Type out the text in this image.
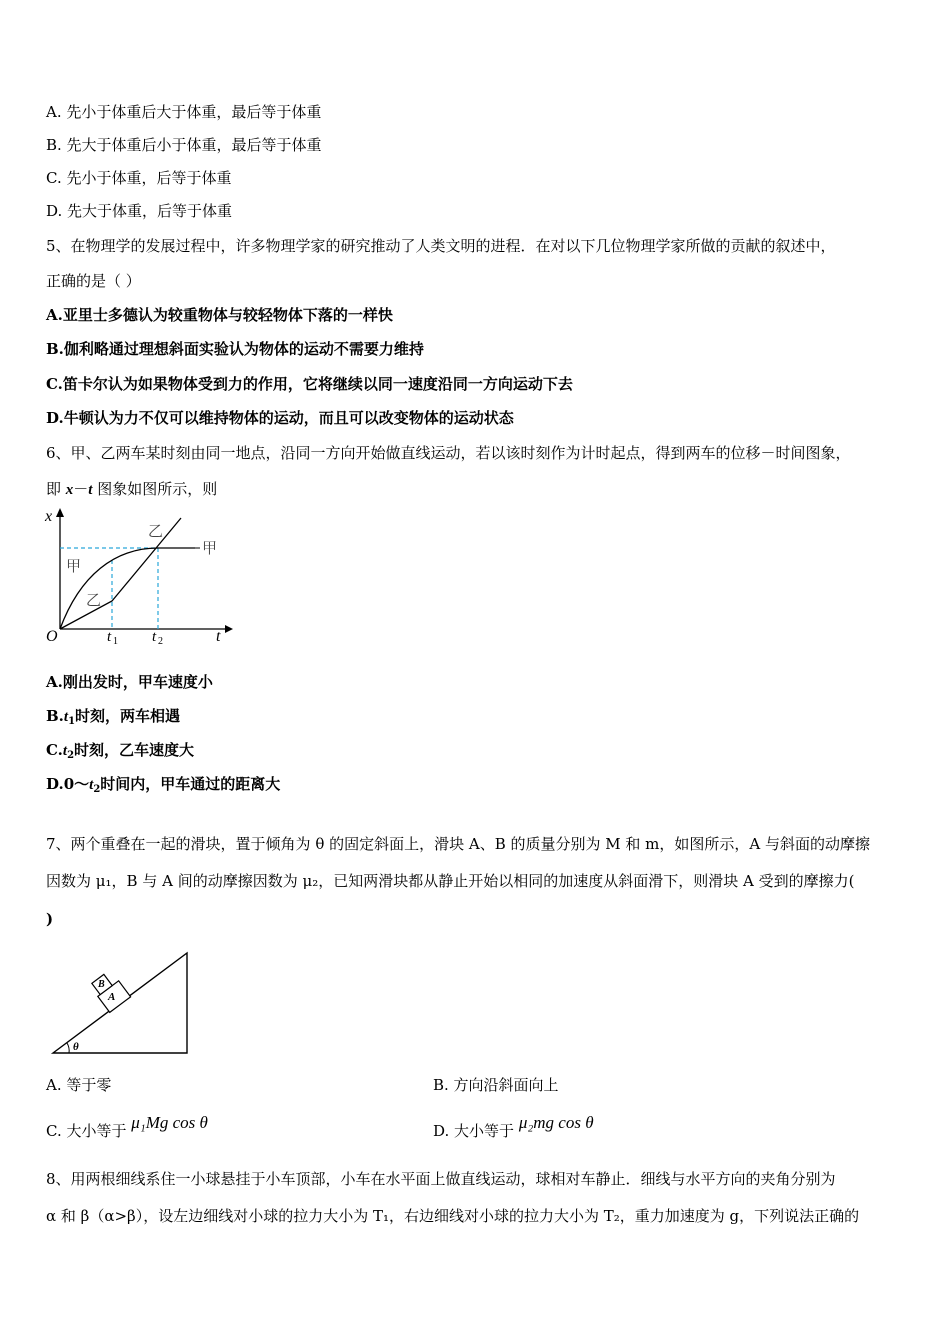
A. 先小于体重后大于体重，最后等于体重
B. 先大于体重后小于体重，最后等于体重
C. 先小于体重，后等于体重
D. 先大于体重，后等于体重
5、在物理学的发展过程中，许多物理学家的研究推动了人类文明的进程．在对以下几位物理学家所做的贡献的叙述中，
正确的是（ ）
A.亚里士多德认为较重物体与较轻物体下落的一样快
B.伽利略通过理想斜面实验认为物体的运动不需要力维持
C.笛卡尔认为如果物体受到力的作用，它将继续以同一速度沿同一方向运动下去
D.牛顿认为力不仅可以维持物体的运动，而且可以改变物体的运动状态
6、甲、乙两车某时刻由同一地点，沿同一方向开始做直线运动，若以该时刻作为计时起点，得到两车的位移－时间图象，
即 x－t 图象如图所示，则
x
t
O	t 1 t 2
甲
乙
乙
甲
A.刚出发时，甲车速度小
$B.t_1$时刻，两车相遇
$C.t_2$时刻，乙车速度大
$D.0\sim t_2$时间内，甲车通过的距离大
7、两个重叠在一起的滑块，置于倾角为 θ 的固定斜面上，滑块 A、B 的质量分别为 M 和 m，如图所示，A 与斜面的动摩擦
因数为 μ₁，B 与 A 间的动摩擦因数为 μ₂，已知两滑块都从静止开始以相同的加速度从斜面滑下，则滑块 A 受到的摩擦力(
)
A
B
θ
A. 等于零	B. 方向沿斜面向上
C. 大小等于 μ₁Mg cos θ	D. 大小等于 μ₂mg cos θ
8、用两根细线系住一小球悬挂于小车顶部，小车在水平面上做直线运动，球相对车静止．细线与水平方向的夹角分别为
α 和 β（α>β），设左边细线对小球的拉力大小为 T₁，右边细线对小球的拉力大小为 T₂，重力加速度为 g，下列说法正确的
